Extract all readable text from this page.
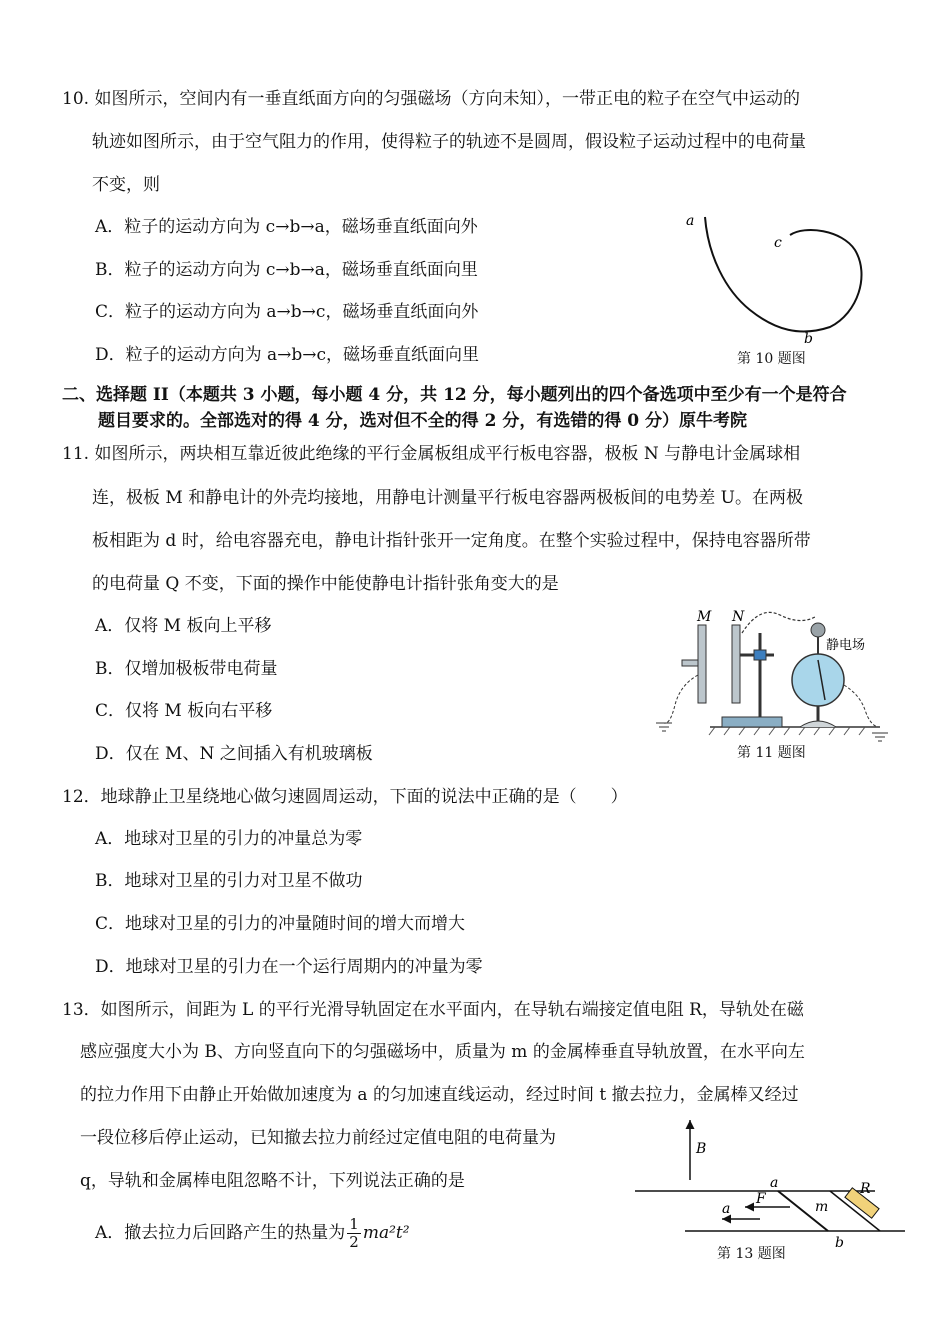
10. 如图所示，空间内有一垂直纸面方向的匀强磁场（方向未知），一带正电的粒子在空气中运动的
轨迹如图所示，由于空气阻力的作用，使得粒子的轨迹不是圆周，假设粒子运动过程中的电荷量
不变，则
A．粒子的运动方向为 c→b→a，磁场垂直纸面向外
B．粒子的运动方向为 c→b→a，磁场垂直纸面向里
C．粒子的运动方向为 a→b→c，磁场垂直纸面向外
D．粒子的运动方向为 a→b→c，磁场垂直纸面向里
a
c
b
第 10 题图
二、选择题 II（本题共 3 小题，每小题 4 分，共 12 分，每小题列出的四个备选项中至少有一个是符合
题目要求的。全部选对的得 4 分，选对但不全的得 2 分，有选错的得 0 分）原牛考院
11. 如图所示，两块相互靠近彼此绝缘的平行金属板组成平行板电容器，极板 N 与静电计金属球相
连，极板 M 和静电计的外壳均接地，用静电计测量平行板电容器两极板间的电势差 U。在两极
板相距为 d 时，给电容器充电，静电计指针张开一定角度。在整个实验过程中，保持电容器所带
的电荷量 Q 不变，下面的操作中能使静电计指针张角变大的是
A．仅将 M 板向上平移
B．仅增加极板带电荷量
C．仅将 M 板向右平移
D．仅在 M、N 之间插入有机玻璃板
M N
静电场
第 11 题图
12．地球静止卫星绕地心做匀速圆周运动，下面的说法中正确的是（　　）
A．地球对卫星的引力的冲量总为零
B．地球对卫星的引力对卫星不做功
C．地球对卫星的引力的冲量随时间的增大而增大
D．地球对卫星的引力在一个运行周期内的冲量为零
13．如图所示，间距为 L 的平行光滑导轨固定在水平面内，在导轨右端接定值电阻 R，导轨处在磁
感应强度大小为 B、方向竖直向下的匀强磁场中，质量为 m 的金属棒垂直导轨放置，在水平向左
的拉力作用下由静止开始做加速度为 a 的匀加速直线运动，经过时间 t 撤去拉力，金属棒又经过
一段位移后停止运动，已知撤去拉力前经过定值电阻的电荷量为
q，导轨和金属棒电阻忽略不计，下列说法正确的是
A．撤去拉力后回路产生的热量为 $\frac{1}{2} ma^2t^2$
B
R
a
b
m
F
a
第 13 题图
